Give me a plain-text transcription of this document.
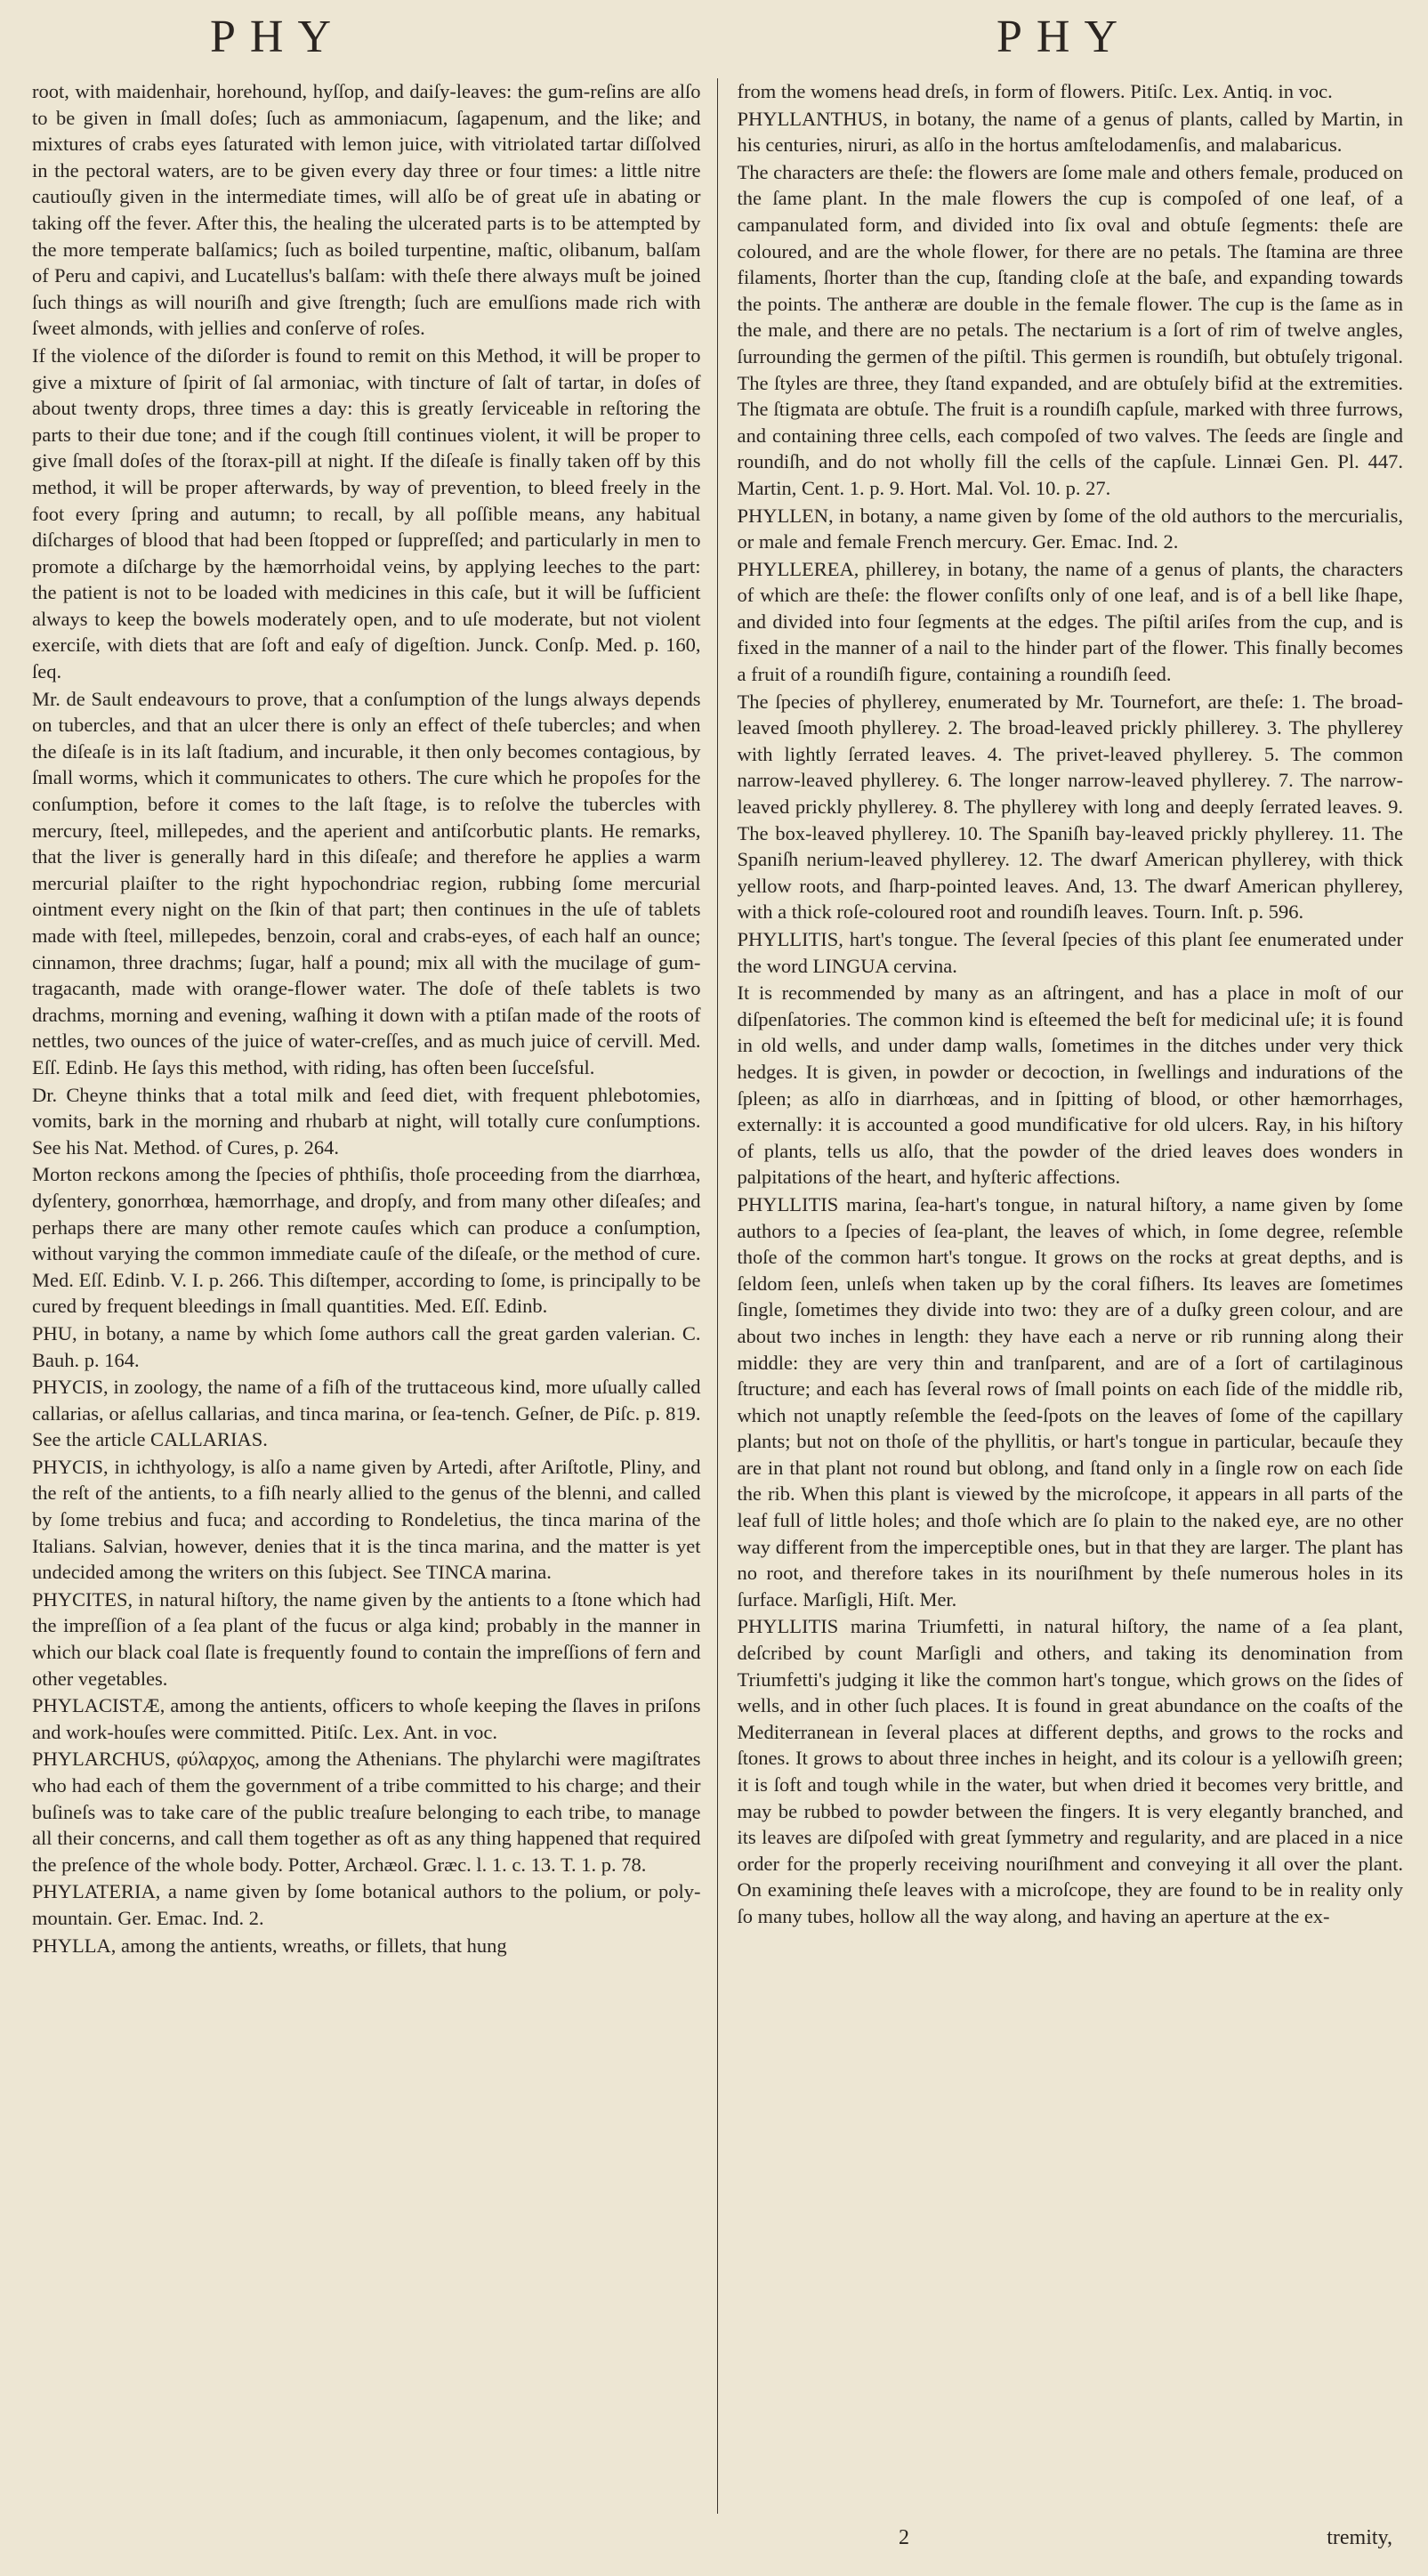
PHY	PHY

root, with maidenhair, horehound, hyſſop, and daiſy-leaves: the gum-reſins are alſo to be given in ſmall doſes; ſuch as ammoniacum, ſagapenum, and the like; and mixtures of crabs eyes ſaturated with lemon juice, with vitriolated tartar diſſolved in the pectoral waters, are to be given every day three or four times: a little nitre cautiouſly given in the intermediate times, will alſo be of great uſe in abating or taking off the fever. After this, the healing the ulcerated parts is to be attempted by the more temperate balſamics; ſuch as boiled turpentine, maſtic, olibanum, balſam of Peru and capivi, and Lucatellus's balſam: with theſe there always muſt be joined ſuch things as will nouriſh and give ſtrength; ſuch are emulſions made rich with ſweet almonds, with jellies and conſerve of roſes.

If the violence of the diſorder is found to remit on this Method, it will be proper to give a mixture of ſpirit of ſal armoniac, with tincture of ſalt of tartar, in doſes of about twenty drops, three times a day: this is greatly ſerviceable in reſtoring the parts to their due tone; and if the cough ſtill continues violent, it will be proper to give ſmall doſes of the ſtorax-pill at night. If the diſeaſe is finally taken off by this method, it will be proper afterwards, by way of prevention, to bleed freely in the foot every ſpring and autumn; to recall, by all poſſible means, any habitual diſcharges of blood that had been ſtopped or ſuppreſſed; and particularly in men to promote a diſcharge by the hæmorrhoidal veins, by applying leeches to the part: the patient is not to be loaded with medicines in this caſe, but it will be ſufficient always to keep the bowels moderately open, and to uſe moderate, but not violent exerciſe, with diets that are ſoft and eaſy of digeſtion. Junck. Conſp. Med. p. 160, ſeq.

Mr. de Sault endeavours to prove, that a conſumption of the lungs always depends on tubercles, and that an ulcer there is only an effect of theſe tubercles; and when the diſeaſe is in its laſt ſtadium, and incurable, it then only becomes contagious, by ſmall worms, which it communicates to others. The cure which he propoſes for the conſumption, before it comes to the laſt ſtage, is to reſolve the tubercles with mercury, ſteel, millepedes, and the aperient and antiſcorbutic plants. He remarks, that the liver is generally hard in this diſeaſe; and therefore he applies a warm mercurial plaiſter to the right hypochondriac region, rubbing ſome mercurial ointment every night on the ſkin of that part; then continues in the uſe of tablets made with ſteel, millepedes, benzoin, coral and crabs-eyes, of each half an ounce; cinnamon, three drachms; ſugar, half a pound; mix all with the mucilage of gum-tragacanth, made with orange-flower water. The doſe of theſe tablets is two drachms, morning and evening, waſhing it down with a ptiſan made of the roots of nettles, two ounces of the juice of water-creſſes, and as much juice of cervill. Med. Eſſ. Edinb. He ſays this method, with riding, has often been ſucceſsful.

Dr. Cheyne thinks that a total milk and ſeed diet, with frequent phlebotomies, vomits, bark in the morning and rhubarb at night, will totally cure conſumptions. See his Nat. Method. of Cures, p. 264.

Morton reckons among the ſpecies of phthiſis, thoſe proceeding from the diarrhœa, dyſentery, gonorrhœa, hæmorrhage, and dropſy, and from many other diſeaſes; and perhaps there are many other remote cauſes which can produce a conſumption, without varying the common immediate cauſe of the diſeaſe, or the method of cure. Med. Eſſ. Edinb. V. I. p. 266. This diſtemper, according to ſome, is principally to be cured by frequent bleedings in ſmall quantities. Med. Eſſ. Edinb.

PHU, in botany, a name by which ſome authors call the great garden valerian. C. Bauh. p. 164.

PHYCIS, in zoology, the name of a fiſh of the truttaceous kind, more uſually called callarias, or aſellus callarias, and tinca marina, or ſea-tench. Geſner, de Piſc. p. 819. See the article CALLARIAS.

PHYCIS, in ichthyology, is alſo a name given by Artedi, after Ariſtotle, Pliny, and the reſt of the antients, to a fiſh nearly allied to the genus of the blenni, and called by ſome trebius and fuca; and according to Rondeletius, the tinca marina of the Italians. Salvian, however, denies that it is the tinca marina, and the matter is yet undecided among the writers on this ſubject. See TINCA marina.

PHYCITES, in natural hiſtory, the name given by the antients to a ſtone which had the impreſſion of a ſea plant of the fucus or alga kind; probably in the manner in which our black coal ſlate is frequently found to contain the impreſſions of fern and other vegetables.

PHYLACISTÆ, among the antients, officers to whoſe keeping the ſlaves in priſons and work-houſes were committed. Pitiſc. Lex. Ant. in voc.

PHYLARCHUS, φύλαρχος, among the Athenians. The phylarchi were magiſtrates who had each of them the government of a tribe committed to his charge; and their buſineſs was to take care of the public treaſure belonging to each tribe, to manage all their concerns, and call them together as oft as any thing happened that required the preſence of the whole body. Potter, Archæol. Græc. l. 1. c. 13. T. 1. p. 78.

PHYLATERIA, a name given by ſome botanical authors to the polium, or poly-mountain. Ger. Emac. Ind. 2.

PHYLLA, among the antients, wreaths, or fillets, that hung

from the womens head dreſs, in form of flowers. Pitiſc. Lex. Antiq. in voc.

PHYLLANTHUS, in botany, the name of a genus of plants, called by Martin, in his centuries, niruri, as alſo in the hortus amſtelodamenſis, and malabaricus.

The characters are theſe: the flowers are ſome male and others female, produced on the ſame plant. In the male flowers the cup is compoſed of one leaf, of a campanulated form, and divided into ſix oval and obtuſe ſegments: theſe are coloured, and are the whole flower, for there are no petals. The ſtamina are three filaments, ſhorter than the cup, ſtanding cloſe at the baſe, and expanding towards the points. The antheræ are double in the female flower. The cup is the ſame as in the male, and there are no petals. The nectarium is a ſort of rim of twelve angles, ſurrounding the germen of the piſtil. This germen is roundiſh, but obtuſely trigonal. The ſtyles are three, they ſtand expanded, and are obtuſely bifid at the extremities. The ſtigmata are obtuſe. The fruit is a roundiſh capſule, marked with three furrows, and containing three cells, each compoſed of two valves. The ſeeds are ſingle and roundiſh, and do not wholly fill the cells of the capſule. Linnæi Gen. Pl. 447. Martin, Cent. 1. p. 9. Hort. Mal. Vol. 10. p. 27.

PHYLLEN, in botany, a name given by ſome of the old authors to the mercurialis, or male and female French mercury. Ger. Emac. Ind. 2.

PHYLLEREA, phillerey, in botany, the name of a genus of plants, the characters of which are theſe: the flower conſiſts only of one leaf, and is of a bell like ſhape, and divided into four ſegments at the edges. The piſtil ariſes from the cup, and is fixed in the manner of a nail to the hinder part of the flower. This finally becomes a fruit of a roundiſh figure, containing a roundiſh ſeed.

The ſpecies of phyllerey, enumerated by Mr. Tournefort, are theſe: 1. The broad-leaved ſmooth phyllerey. 2. The broad-leaved prickly phillerey. 3. The phyllerey with lightly ſerrated leaves. 4. The privet-leaved phyllerey. 5. The common narrow-leaved phyllerey. 6. The longer narrow-leaved phyllerey. 7. The narrow-leaved prickly phyllerey. 8. The phyllerey with long and deeply ſerrated leaves. 9. The box-leaved phyllerey. 10. The Spaniſh bay-leaved prickly phyllerey. 11. The Spaniſh nerium-leaved phyllerey. 12. The dwarf American phyllerey, with thick yellow roots, and ſharp-pointed leaves. And, 13. The dwarf American phyllerey, with a thick roſe-coloured root and roundiſh leaves. Tourn. Inſt. p. 596.

PHYLLITIS, hart's tongue. The ſeveral ſpecies of this plant ſee enumerated under the word LINGUA cervina.

It is recommended by many as an aſtringent, and has a place in moſt of our diſpenſatories. The common kind is eſteemed the beſt for medicinal uſe; it is found in old wells, and under damp walls, ſometimes in the ditches under very thick hedges. It is given, in powder or decoction, in ſwellings and indurations of the ſpleen; as alſo in diarrhœas, and in ſpitting of blood, or other hæmorrhages, externally: it is accounted a good mundificative for old ulcers. Ray, in his hiſtory of plants, tells us alſo, that the powder of the dried leaves does wonders in palpitations of the heart, and hyſteric affections.

PHYLLITIS marina, ſea-hart's tongue, in natural hiſtory, a name given by ſome authors to a ſpecies of ſea-plant, the leaves of which, in ſome degree, reſemble thoſe of the common hart's tongue. It grows on the rocks at great depths, and is ſeldom ſeen, unleſs when taken up by the coral fiſhers. Its leaves are ſometimes ſingle, ſometimes they divide into two: they are of a duſky green colour, and are about two inches in length: they have each a nerve or rib running along their middle: they are very thin and tranſparent, and are of a ſort of cartilaginous ſtructure; and each has ſeveral rows of ſmall points on each ſide of the middle rib, which not unaptly reſemble the ſeed-ſpots on the leaves of ſome of the capillary plants; but not on thoſe of the phyllitis, or hart's tongue in particular, becauſe they are in that plant not round but oblong, and ſtand only in a ſingle row on each ſide the rib. When this plant is viewed by the microſcope, it appears in all parts of the leaf full of little holes; and thoſe which are ſo plain to the naked eye, are no other way different from the imperceptible ones, but in that they are larger. The plant has no root, and therefore takes in its nouriſhment by theſe numerous holes in its ſurface. Marſigli, Hiſt. Mer.

PHYLLITIS marina Triumfetti, in natural hiſtory, the name of a ſea plant, deſcribed by count Marſigli and others, and taking its denomination from Triumfetti's judging it like the common hart's tongue, which grows on the ſides of wells, and in other ſuch places. It is found in great abundance on the coaſts of the Mediterranean in ſeveral places at different depths, and grows to the rocks and ſtones. It grows to about three inches in height, and its colour is a yellowiſh green; it is ſoft and tough while in the water, but when dried it becomes very brittle, and may be rubbed to powder between the fingers. It is very elegantly branched, and its leaves are diſpoſed with great ſymmetry and regularity, and are placed in a nice order for the properly receiving nouriſhment and conveying it all over the plant. On examining theſe leaves with a microſcope, they are found to be in reality only ſo many tubes, hollow all the way along, and having an aperture at the ex-

2	tremity,
